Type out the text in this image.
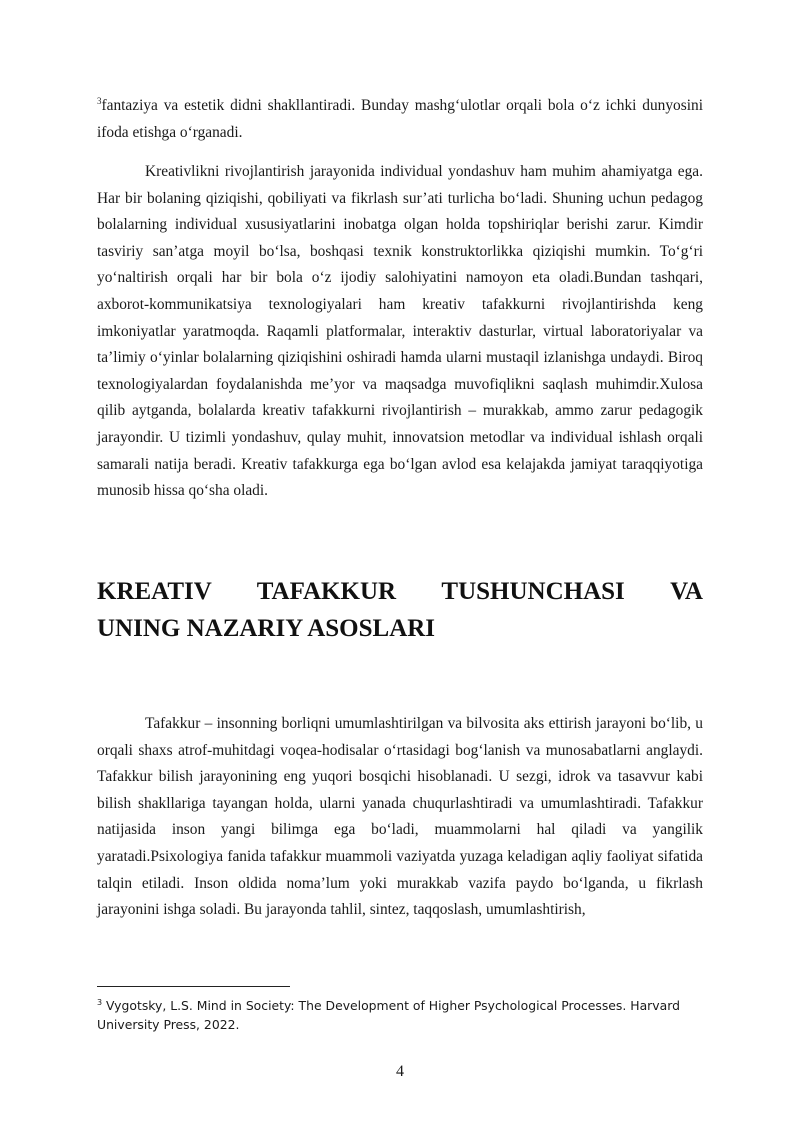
$^3$fantaziya va estetik didni shakllantiradi. Bunday mashg‘ulotlar orqali bola o‘z ichki dunyosini ifoda etishga o‘rganadi.

Kreativlikni rivojlantirish jarayonida individual yondashuv ham muhim ahamiyatga ega. Har bir bolaning qiziqishi, qobiliyati va fikrlash sur’ati turlicha bo‘ladi. Shuning uchun pedagog bolalarning individual xususiyatlarini inobatga olgan holda topshiriqlar berishi zarur. Kimdir tasviriy san’atga moyil bo‘lsa, boshqasi texnik konstruktorlikka qiziqishi mumkin. To‘g‘ri yo‘naltirish orqali har bir bola o‘z ijodiy salohiyatini namoyon eta oladi.Bundan tashqari, axborot-kommunikatsiya texnologiyalari ham kreativ tafakkurni rivojlantirishda keng imkoniyatlar yaratmoqda. Raqamli platformalar, interaktiv dasturlar, virtual laboratoriyalar va ta’limiy o‘yinlar bolalarning qiziqishini oshiradi hamda ularni mustaqil izlanishga undaydi. Biroq texnologiyalardan foydalanishda me’yor va maqsadga muvofiqlikni saqlash muhimdir.Xulosa qilib aytganda, bolalarda kreativ tafakkurni rivojlantirish – murakkab, ammo zarur pedagogik jarayondir. U tizimli yondashuv, qulay muhit, innovatsion metodlar va individual ishlash orqali samarali natija beradi. Kreativ tafakkurga ega bo‘lgan avlod esa kelajakda jamiyat taraqqiyotiga munosib hissa qo‘sha oladi.

KREATIV TAFAKKUR TUSHUNCHASI VA
UNING NAZARIY ASOSLARI

Tafakkur – insonning borliqni umumlashtirilgan va bilvosita aks ettirish jarayoni bo‘lib, u orqali shaxs atrof-muhitdagi voqea-hodisalar o‘rtasidagi bog‘lanish va munosabatlarni anglaydi. Tafakkur bilish jarayonining eng yuqori bosqichi hisoblanadi. U sezgi, idrok va tasavvur kabi bilish shakllariga tayangan holda, ularni yanada chuqurlashtiradi va umumlashtiradi. Tafakkur natijasida inson yangi bilimga ega bo‘ladi, muammolarni hal qiladi va yangilik yaratadi.Psixologiya fanida tafakkur muammoli vaziyatda yuzaga keladigan aqliy faoliyat sifatida talqin etiladi. Inson oldida noma’lum yoki murakkab vazifa paydo bo‘lganda, u fikrlash jarayonini ishga soladi. Bu jarayonda tahlil, sintez, taqqoslash, umumlashtirish,

$^3$ Vygotsky, L.S. Mind in Society: The Development of Higher Psychological Processes. Harvard University Press, 2022.

4
